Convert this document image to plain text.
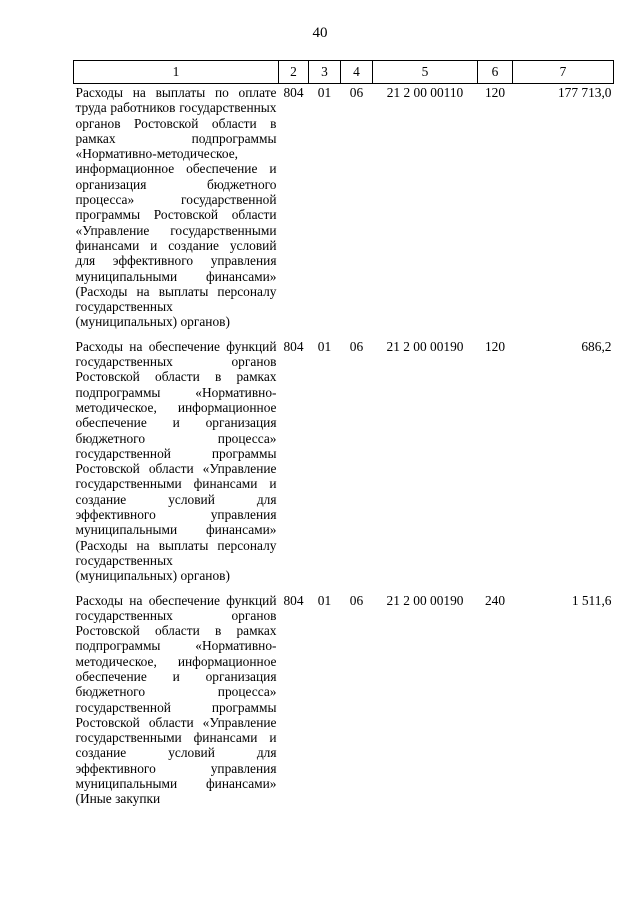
40
1	2	3	4	5	6	7
Расходы на выплаты по оплате труда работников государственных органов Ростовской области в рамках подпрограммы «Нормативно-методическое, информационное обеспечение и организация бюджетного процесса» государственной программы Ростовской области «Управление государственными финансами и создание условий для эффективного управления муниципальными финансами» (Расходы на выплаты персоналу государственных (муниципальных) органов)	804	01	06	21 2 00 00110	120	177 713,0

Расходы на обеспечение функций государственных органов Ростовской области в рамках подпрограммы «Нормативно-методическое, информационное обеспечение и организация бюджетного процесса» государственной программы Ростовской области «Управление государственными финансами и создание условий для эффективного управления муниципальными финансами» (Расходы на выплаты персоналу государственных (муниципальных) органов)	804	01	06	21 2 00 00190	120	686,2

Расходы на обеспечение функций государственных органов Ростовской области в рамках подпрограммы «Нормативно-методическое, информационное обеспечение и организация бюджетного процесса» государственной программы Ростовской области «Управление государственными финансами и создание условий для эффективного управления муниципальными финансами» (Иные закупки	804	01	06	21 2 00 00190	240	1 511,6
